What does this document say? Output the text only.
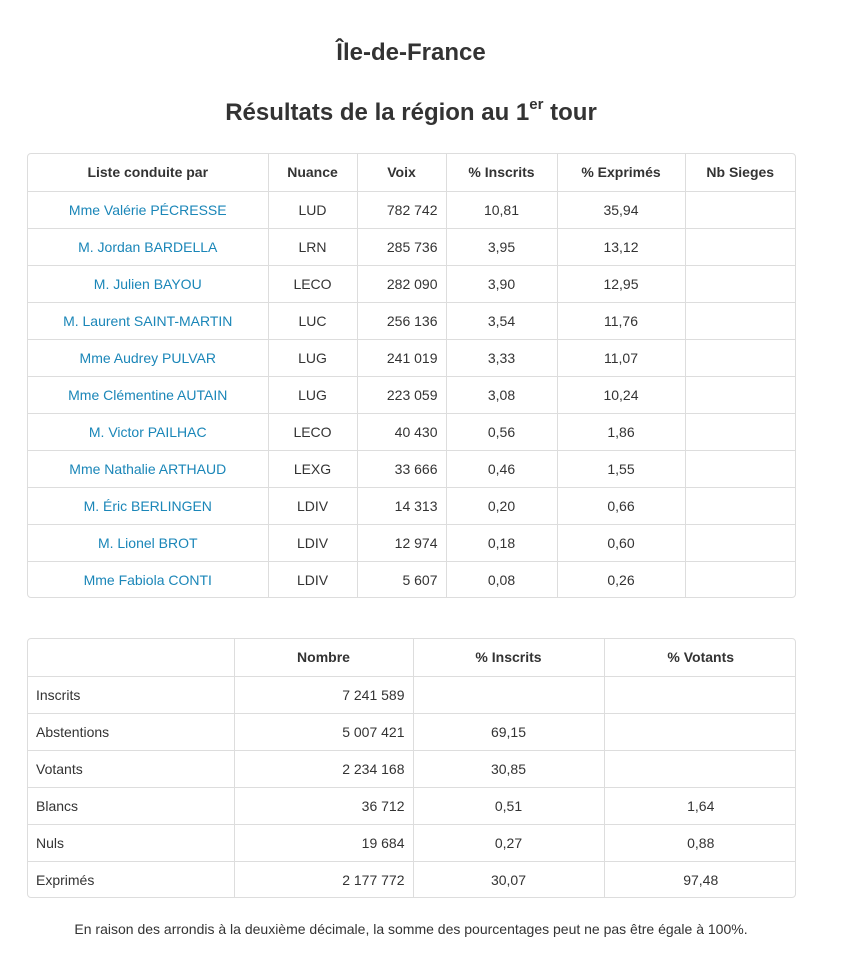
Île-de-France
Résultats de la région au 1er tour
Liste conduite par	Nuance	Voix	% Inscrits	% Exprimés	Nb Sieges
Mme Valérie PÉCRESSE	LUD	782 742	10,81	35,94	
M. Jordan BARDELLA	LRN	285 736	3,95	13,12	
M. Julien BAYOU	LECO	282 090	3,90	12,95	
M. Laurent SAINT-MARTIN	LUC	256 136	3,54	11,76	
Mme Audrey PULVAR	LUG	241 019	3,33	11,07	
Mme Clémentine AUTAIN	LUG	223 059	3,08	10,24	
M. Victor PAILHAC	LECO	40 430	0,56	1,86	
Mme Nathalie ARTHAUD	LEXG	33 666	0,46	1,55	
M. Éric BERLINGEN	LDIV	14 313	0,20	0,66	
M. Lionel BROT	LDIV	12 974	0,18	0,60	
Mme Fabiola CONTI	LDIV	5 607	0,08	0,26	
	Nombre	% Inscrits	% Votants
Inscrits	7 241 589		
Abstentions	5 007 421	69,15	
Votants	2 234 168	30,85	
Blancs	36 712	0,51	1,64
Nuls	19 684	0,27	0,88
Exprimés	2 177 772	30,07	97,48
En raison des arrondis à la deuxième décimale, la somme des pourcentages peut ne pas être égale à 100%.
